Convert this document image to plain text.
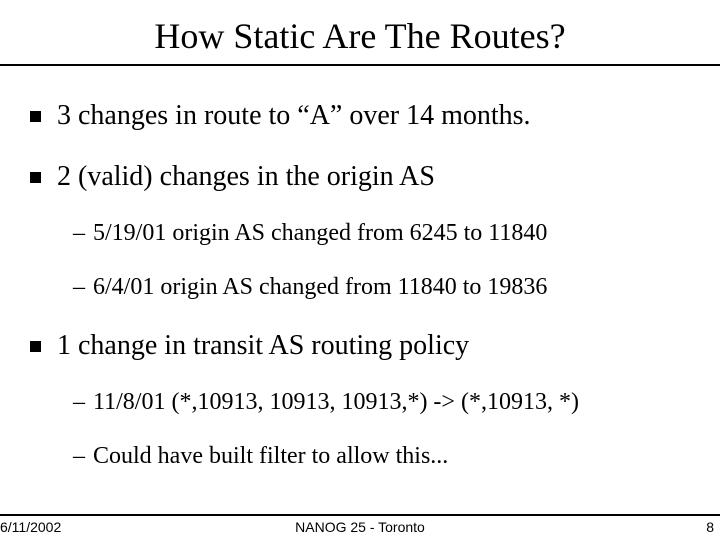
How Static Are The Routes?
3 changes in route to “A” over 14 months.
2 (valid) changes in the origin AS
– 5/19/01 origin AS changed from 6245 to 11840
– 6/4/01 origin AS changed from 11840 to 19836
1 change in transit AS routing policy
– 11/8/01 (*,10913, 10913, 10913,*) -> (*,10913, *)
– Could have built filter to allow this...
6/11/2002	NANOG 25 - Toronto	8
